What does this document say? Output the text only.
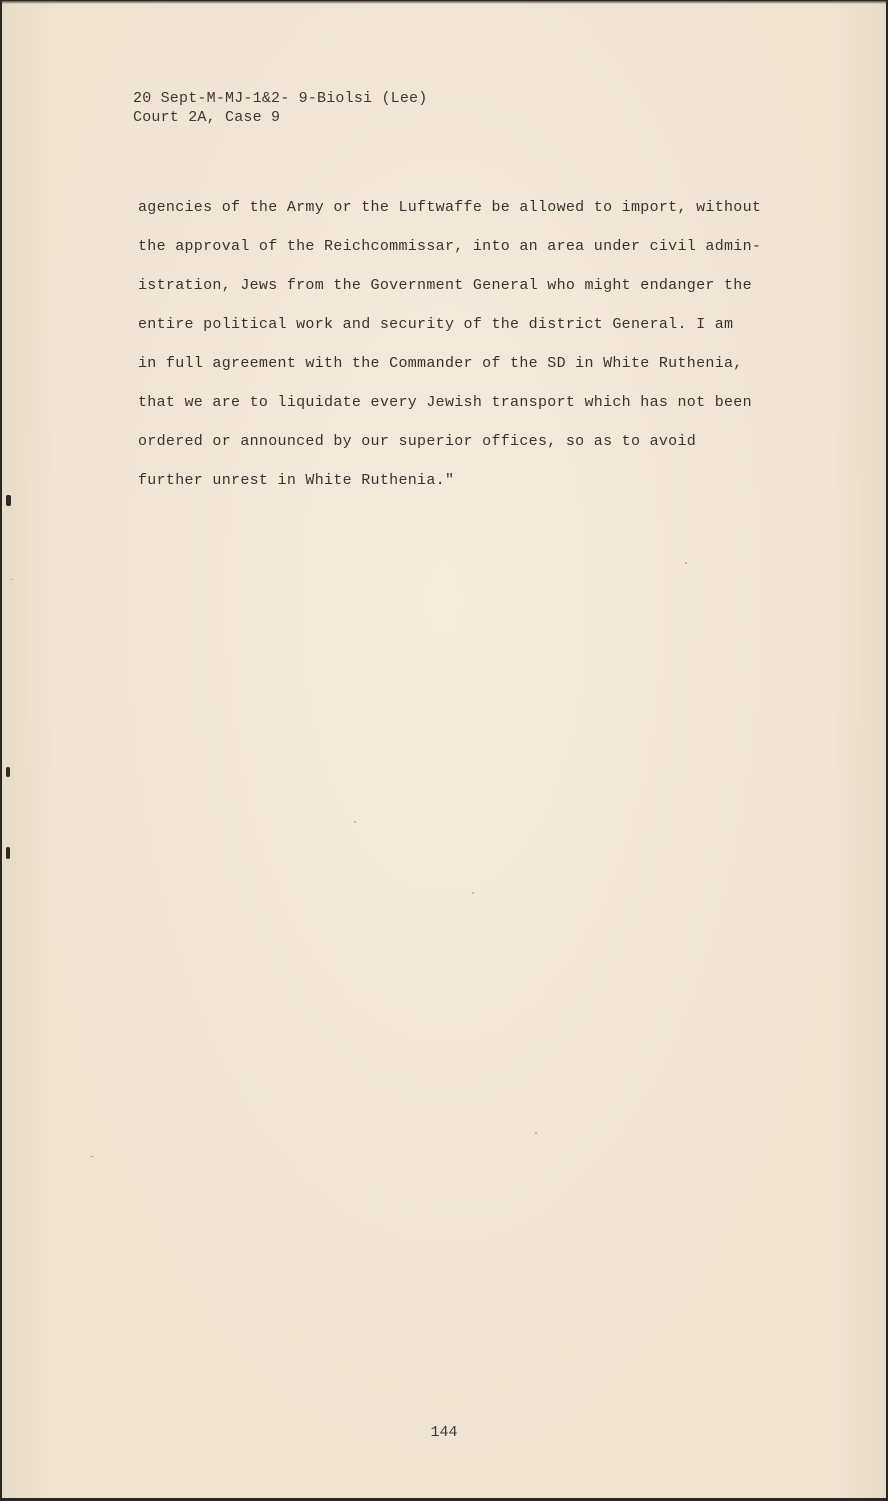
20 Sept-M-MJ-1&2- 9-Biolsi (Lee)
Court 2A, Case 9
agencies of the Army or the Luftwaffe be allowed to import, without
the approval of the Reichcommissar, into an area under civil admin-
istration, Jews from the Government General who might endanger the
entire political work and security of the district General. I am
in full agreement with the Commander of the SD in White Ruthenia,
that we are to liquidate every Jewish transport which has not been
ordered or announced by our superior offices, so as to avoid
further unrest in White Ruthenia."
144
